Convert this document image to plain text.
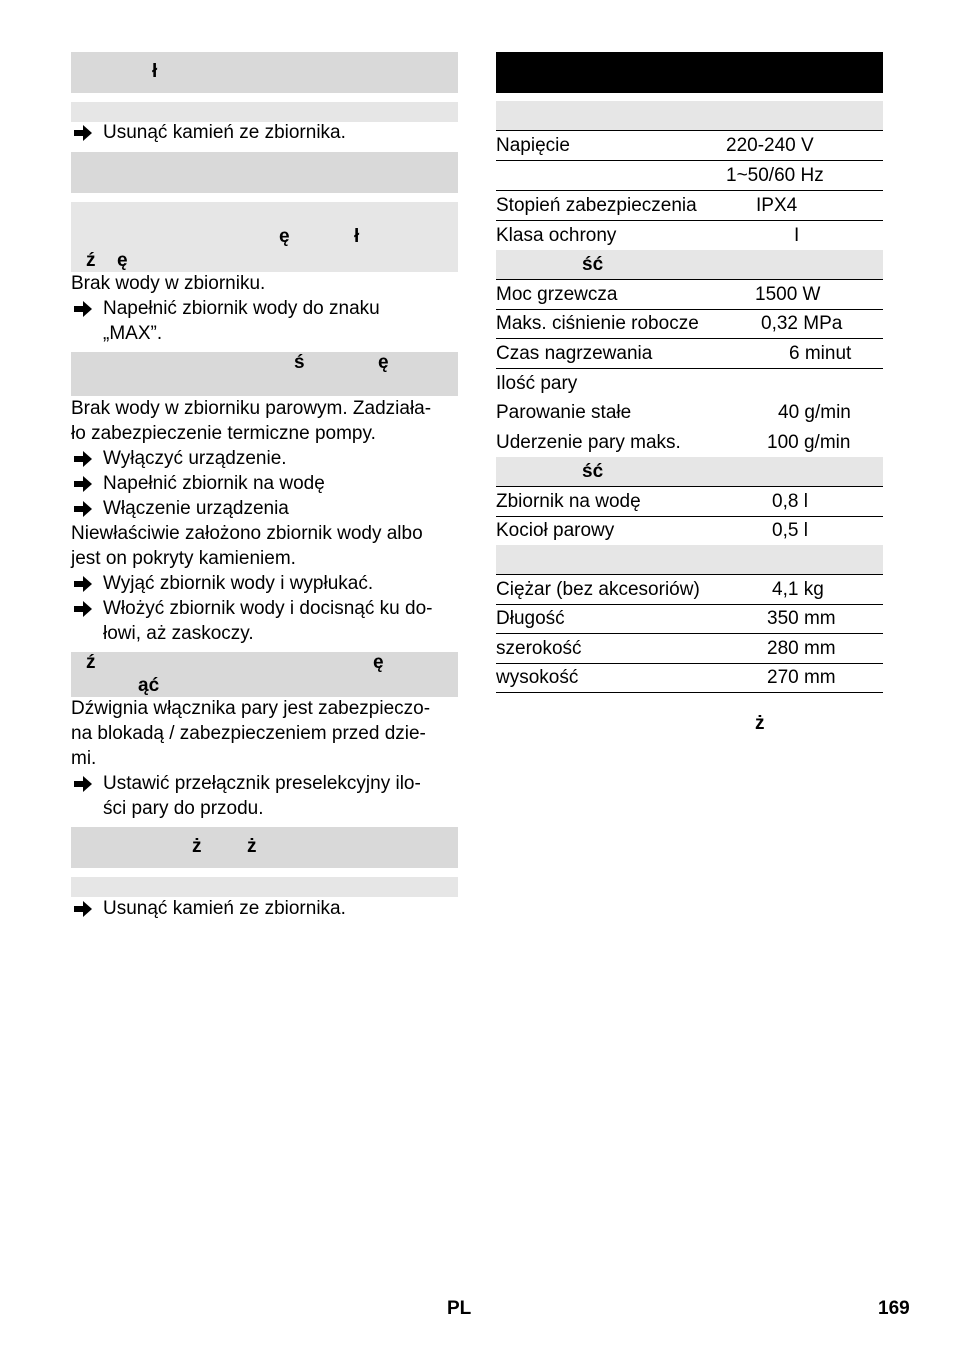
ł
Usunąć kamień ze zbiornika.
ę	ł
ź ę
Brak wody w zbiorniku.
Napełnić zbiornik wody do znaku
„MAX”.
ś	ę
Brak wody w zbiorniku parowym. Zadziała-
ło zabezpieczenie termiczne pompy.
Wyłączyć urządzenie.
Napełnić zbiornik na wodę
Włączenie urządzenia
Niewłaściwie założono zbiornik wody albo
jest on pokryty kamieniem.
Wyjąć zbiornik wody i wypłukać.
Włożyć zbiornik wody i docisnąć ku do-
łowi, aż zaskoczy.
ź	ę
ąć
Dźwignia włącznika pary jest zabezpieczo-
na blokadą / zabezpieczeniem przed dzie-
mi.
Ustawić przełącznik preselekcyjny ilo-
ści pary do przodu.
ż ż
Usunąć kamień ze zbiornika.
Napięcie	220-240 V
1~50/60 Hz
Stopień zabezpieczenia	IPX4
Klasa ochrony	I
ść
Moc grzewcza	1500 W
Maks. ciśnienie robocze	0,32 MPa
Czas nagrzewania	6 minut
Ilość pary
Parowanie stałe	40 g/min
Uderzenie pary maks.	100 g/min
ść
Zbiornik na wodę	0,8 l
Kocioł parowy	0,5 l
Ciężar (bez akcesoriów)	4,1 kg
Długość	350 mm
szerokość	280 mm
wysokość	270 mm
ż
PL	169
